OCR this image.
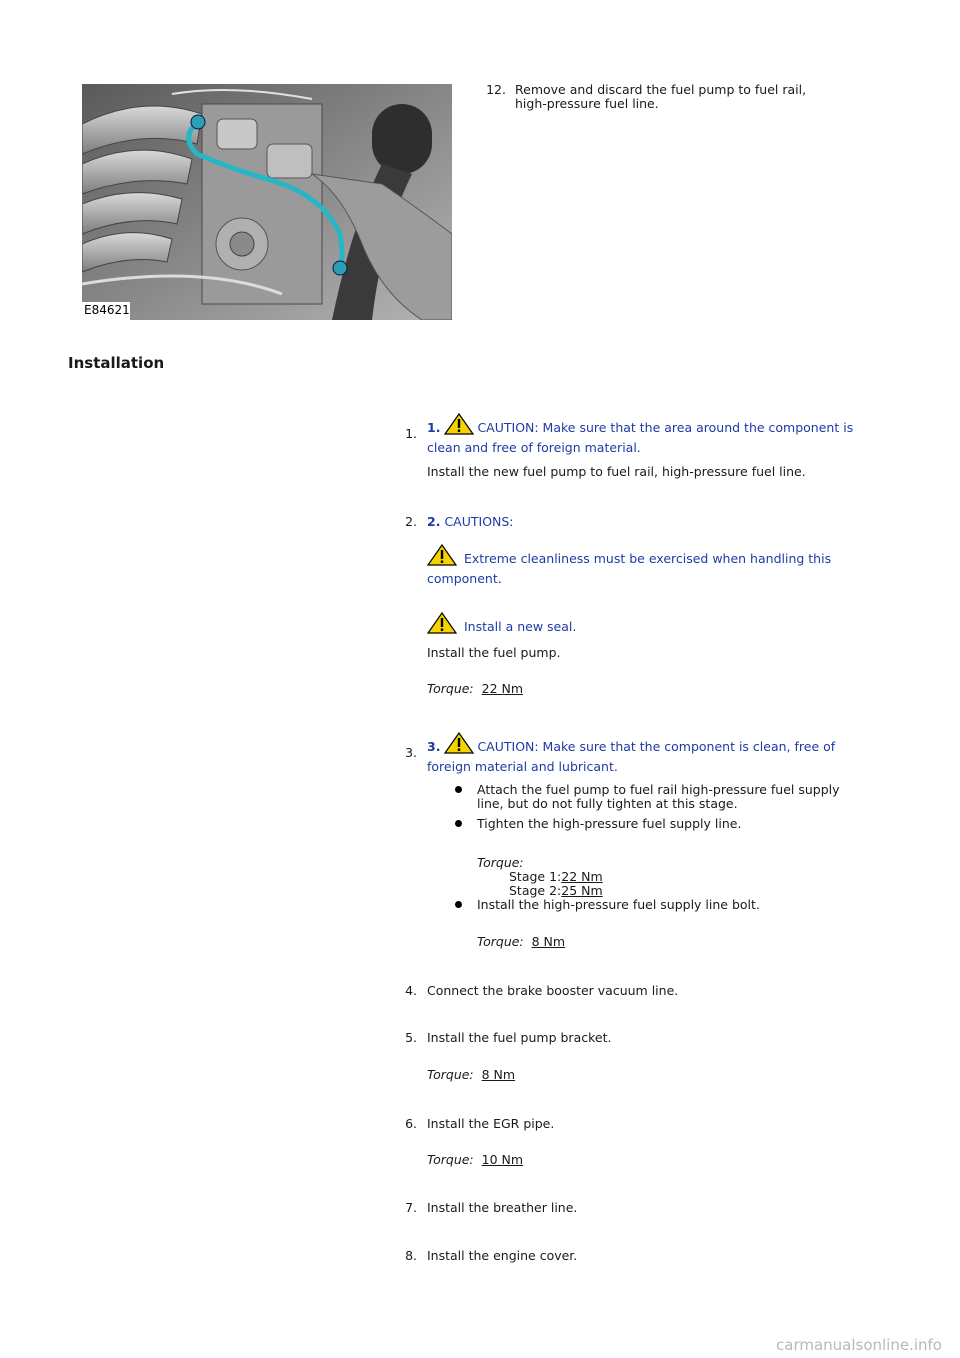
E84621
12. Remove and discard the fuel pump to fuel rail,
high-pressure fuel line.
Installation
1. 1.	CAUTION: Make sure that the area around the component is
clean and free of foreign material.
Install the new fuel pump to fuel rail, high-pressure fuel line.
2. 2. CAUTIONS:
Extreme cleanliness must be exercised when handling this
component.
Install a new seal.
Install the fuel pump.
Torque: 22 Nm
3. 3.	CAUTION: Make sure that the component is clean, free of
foreign material and lubricant.
Attach the fuel pump to fuel rail high-pressure fuel supply
line, but do not fully tighten at this stage.
Tighten the high-pressure fuel supply line.
Torque:
Stage 1:22 Nm
Stage 2:25 Nm
Install the high-pressure fuel supply line bolt.
Torque: 8 Nm
4. Connect the brake booster vacuum line.
5. Install the fuel pump bracket.
Torque: 8 Nm
6. Install the EGR pipe.
Torque: 10 Nm
7. Install the breather line.
8. Install the engine cover.
carmanualsonline.info
